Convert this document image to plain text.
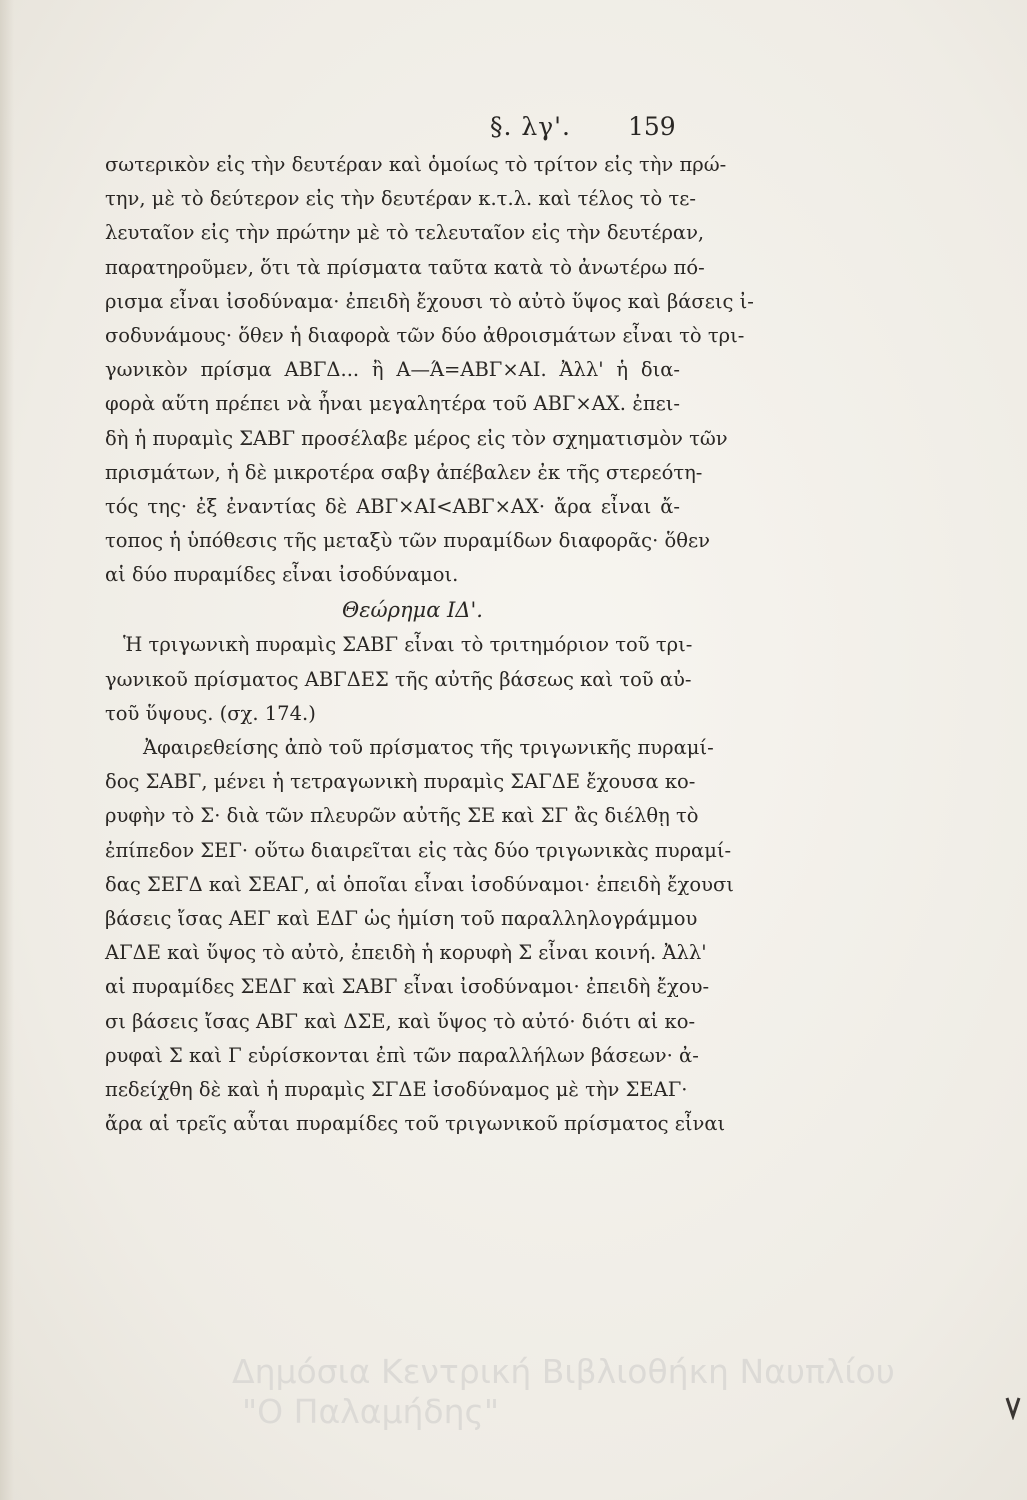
§. λγ'. 159
σωτερικὸν εἰς τὴν δευτέραν καὶ ὁμοίως τὸ τρίτον εἰς τὴν πρώ-
την, μὲ τὸ δεύτερον εἰς τὴν δευτέραν κ.τ.λ. καὶ τέλος τὸ τε-
λευταῖον εἰς τὴν πρώτην μὲ τὸ τελευταῖον εἰς τὴν δευτέραν,
παρατηροῦμεν, ὅτι τὰ πρίσματα ταῦτα κατὰ τὸ ἀνωτέρω πό-
ρισμα εἶναι ἰσοδύναμα· ἐπειδὴ ἔχουσι τὸ αὐτὸ ὕψος καὶ βάσεις ἰ-
σοδυνάμους· ὅθεν ἡ διαφορὰ τῶν δύο ἀθροισμάτων εἶναι τὸ τρι-
γωνικὸν πρίσμα ΑΒΓΔ... ἢ Α—Ά=ΑΒΓ×ΑΙ. Ἀλλ' ἡ δια-
φορὰ αὕτη πρέπει νὰ ἦναι μεγαλητέρα τοῦ ΑΒΓ×ΑΧ. ἐπει-
δὴ ἡ πυραμὶς ΣΑΒΓ προσέλαβε μέρος εἰς τὸν σχηματισμὸν τῶν
πρισμάτων, ἡ δὲ μικροτέρα σαβγ ἀπέβαλεν ἐκ τῆς στερεότη-
τός της· ἐξ ἐναντίας δὲ ΑΒΓ×ΑΙ<ΑΒΓ×ΑΧ· ἄρα εἶναι ἄ-
τοπος ἡ ὑπόθεσις τῆς μεταξὺ τῶν πυραμίδων διαφορᾶς· ὅθεν
αἱ δύο πυραμίδες εἶναι ἰσοδύναμοι.
Θεώρημα ΙΔ'.
Ἡ τριγωνικὴ πυραμὶς ΣΑΒΓ εἶναι τὸ τριτημόριον τοῦ τρι-
γωνικοῦ πρίσματος ΑΒΓΔΕΣ τῆς αὐτῆς βάσεως καὶ τοῦ αὐ-
τοῦ ὕψους. (σχ. 174.)
Ἀφαιρεθείσης ἀπὸ τοῦ πρίσματος τῆς τριγωνικῆς πυραμί-
δος ΣΑΒΓ, μένει ἡ τετραγωνικὴ πυραμὶς ΣΑΓΔΕ ἔχουσα κο-
ρυφὴν τὸ Σ· διὰ τῶν πλευρῶν αὐτῆς ΣΕ καὶ ΣΓ ἂς διέλθῃ τὸ
ἐπίπεδον ΣΕΓ· οὕτω διαιρεῖται εἰς τὰς δύο τριγωνικὰς πυραμί-
δας ΣΕΓΔ καὶ ΣΕΑΓ, αἱ ὁποῖαι εἶναι ἰσοδύναμοι· ἐπειδὴ ἔχουσι
βάσεις ἴσας ΑΕΓ καὶ ΕΔΓ ὡς ἡμίση τοῦ παραλληλογράμμου
ΑΓΔΕ καὶ ὕψος τὸ αὐτὸ, ἐπειδὴ ἡ κορυφὴ Σ εἶναι κοινή. Ἀλλ'
αἱ πυραμίδες ΣΕΔΓ καὶ ΣΑΒΓ εἶναι ἰσοδύναμοι· ἐπειδὴ ἔχου-
σι βάσεις ἴσας ΑΒΓ καὶ ΔΣΕ, καὶ ὕψος τὸ αὐτό· διότι αἱ κο-
ρυφαὶ Σ καὶ Γ εὑρίσκονται ἐπὶ τῶν παραλλήλων βάσεων· ἀ-
πεδείχθη δὲ καὶ ἡ πυραμὶς ΣΓΔΕ ἰσοδύναμος μὲ τὴν ΣΕΑΓ·
ἄρα αἱ τρεῖς αὗται πυραμίδες τοῦ τριγωνικοῦ πρίσματος εἶναι
Δημόσια Κεντρική Βιβλιοθήκη Ναυπλίου
"Ο Παλαμήδης"
